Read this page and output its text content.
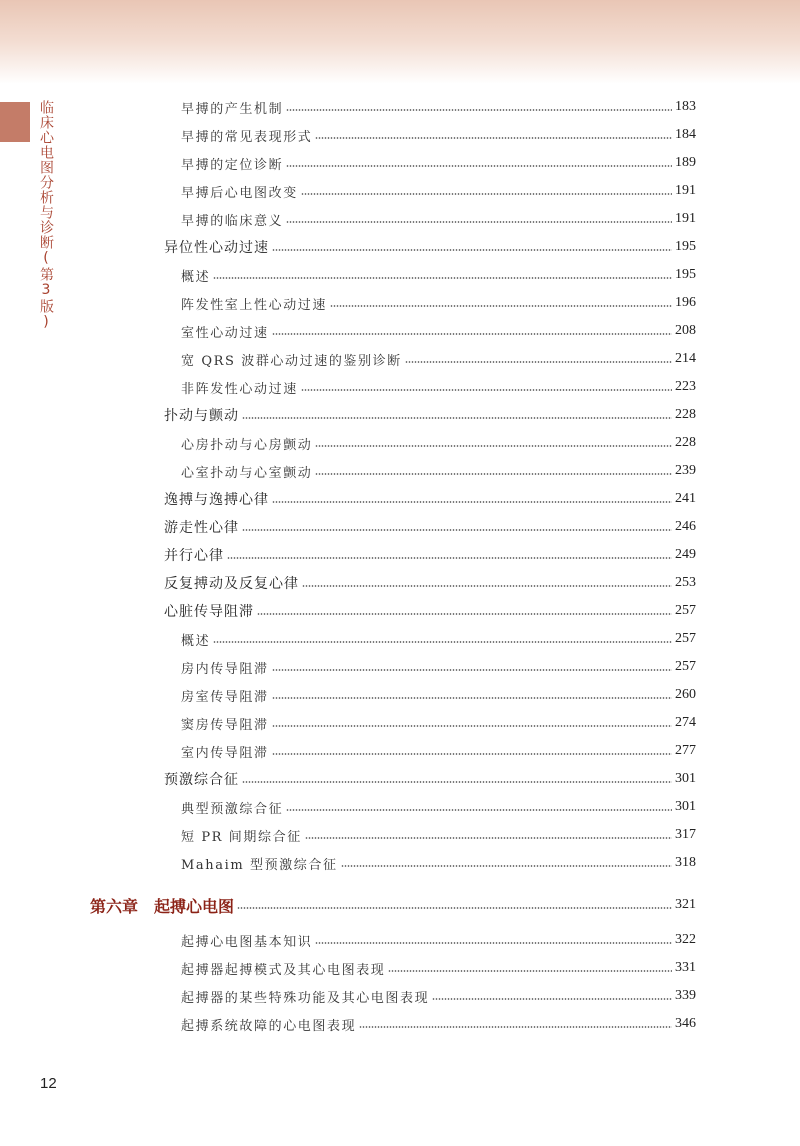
临床心电图分析与诊断(第3版)	早搏的产生机制	183
早搏的常见表现形式	184
早搏的定位诊断	189
早搏后心电图改变	191
早搏的临床意义	191
异位性心动过速	195
概述	195
阵发性室上性心动过速	196
室性心动过速	208
宽 QRS 波群心动过速的鉴别诊断	214
非阵发性心动过速	223
扑动与颤动	228
心房扑动与心房颤动	228
心室扑动与心室颤动	239
逸搏与逸搏心律	241
游走性心律	246
并行心律	249
反复搏动及反复心律	253
心脏传导阻滞	257
概述	257
房内传导阻滞	257
房室传导阻滞	260
窦房传导阻滞	274
室内传导阻滞	277
预激综合征	301
典型预激综合征	301
短 PR 间期综合征	317
Mahaim 型预激综合征	318
第六章 起搏心电图	321
起搏心电图基本知识	322
起搏器起搏模式及其心电图表现	331
起搏器的某些特殊功能及其心电图表现	339
起搏系统故障的心电图表现	346
12
